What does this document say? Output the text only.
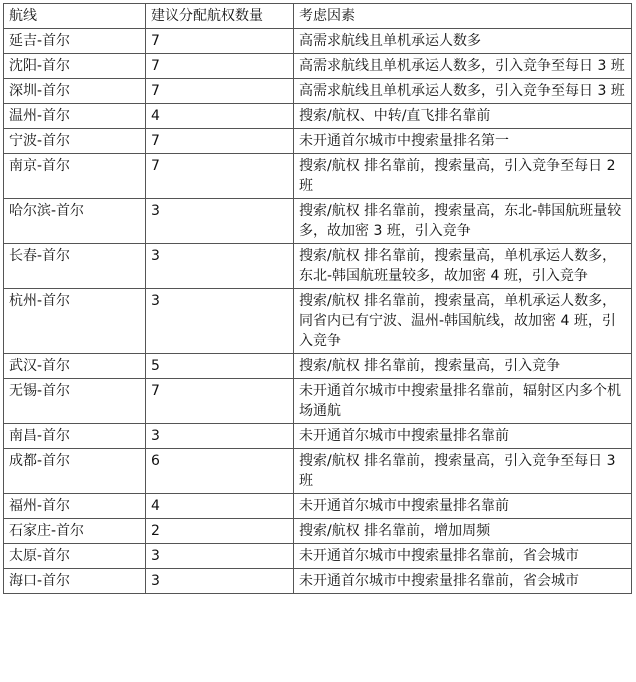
航线	建议分配航权数量	考虑因素
延吉-首尔	7	高需求航线且单机承运人数多
沈阳-首尔	7	高需求航线且单机承运人数多，引入竞争至每日 3 班
深圳-首尔	7	高需求航线且单机承运人数多，引入竞争至每日 3 班
温州-首尔	4	搜索/航权、中转/直飞排名靠前
宁波-首尔	7	未开通首尔城市中搜索量排名第一
南京-首尔	7	搜索/航权 排名靠前，搜索量高，引入竞争至每日 2 班
哈尔滨-首尔	3	搜索/航权 排名靠前，搜索量高，东北-韩国航班量较多，故加密 3 班，引入竞争
长春-首尔	3	搜索/航权 排名靠前，搜索量高，单机承运人数多，东北-韩国航班量较多，故加密 4 班，引入竞争
杭州-首尔	3	搜索/航权 排名靠前，搜索量高，单机承运人数多，同省内已有宁波、温州-韩国航线，故加密 4 班，引入竞争
武汉-首尔	5	搜索/航权 排名靠前，搜索量高，引入竞争
无锡-首尔	7	未开通首尔城市中搜索量排名靠前，辐射区内多个机场通航
南昌-首尔	3	未开通首尔城市中搜索量排名靠前
成都-首尔	6	搜索/航权 排名靠前，搜索量高，引入竞争至每日 3 班
福州-首尔	4	未开通首尔城市中搜索量排名靠前
石家庄-首尔	2	搜索/航权 排名靠前，增加周频
太原-首尔	3	未开通首尔城市中搜索量排名靠前，省会城市
海口-首尔	3	未开通首尔城市中搜索量排名靠前，省会城市
